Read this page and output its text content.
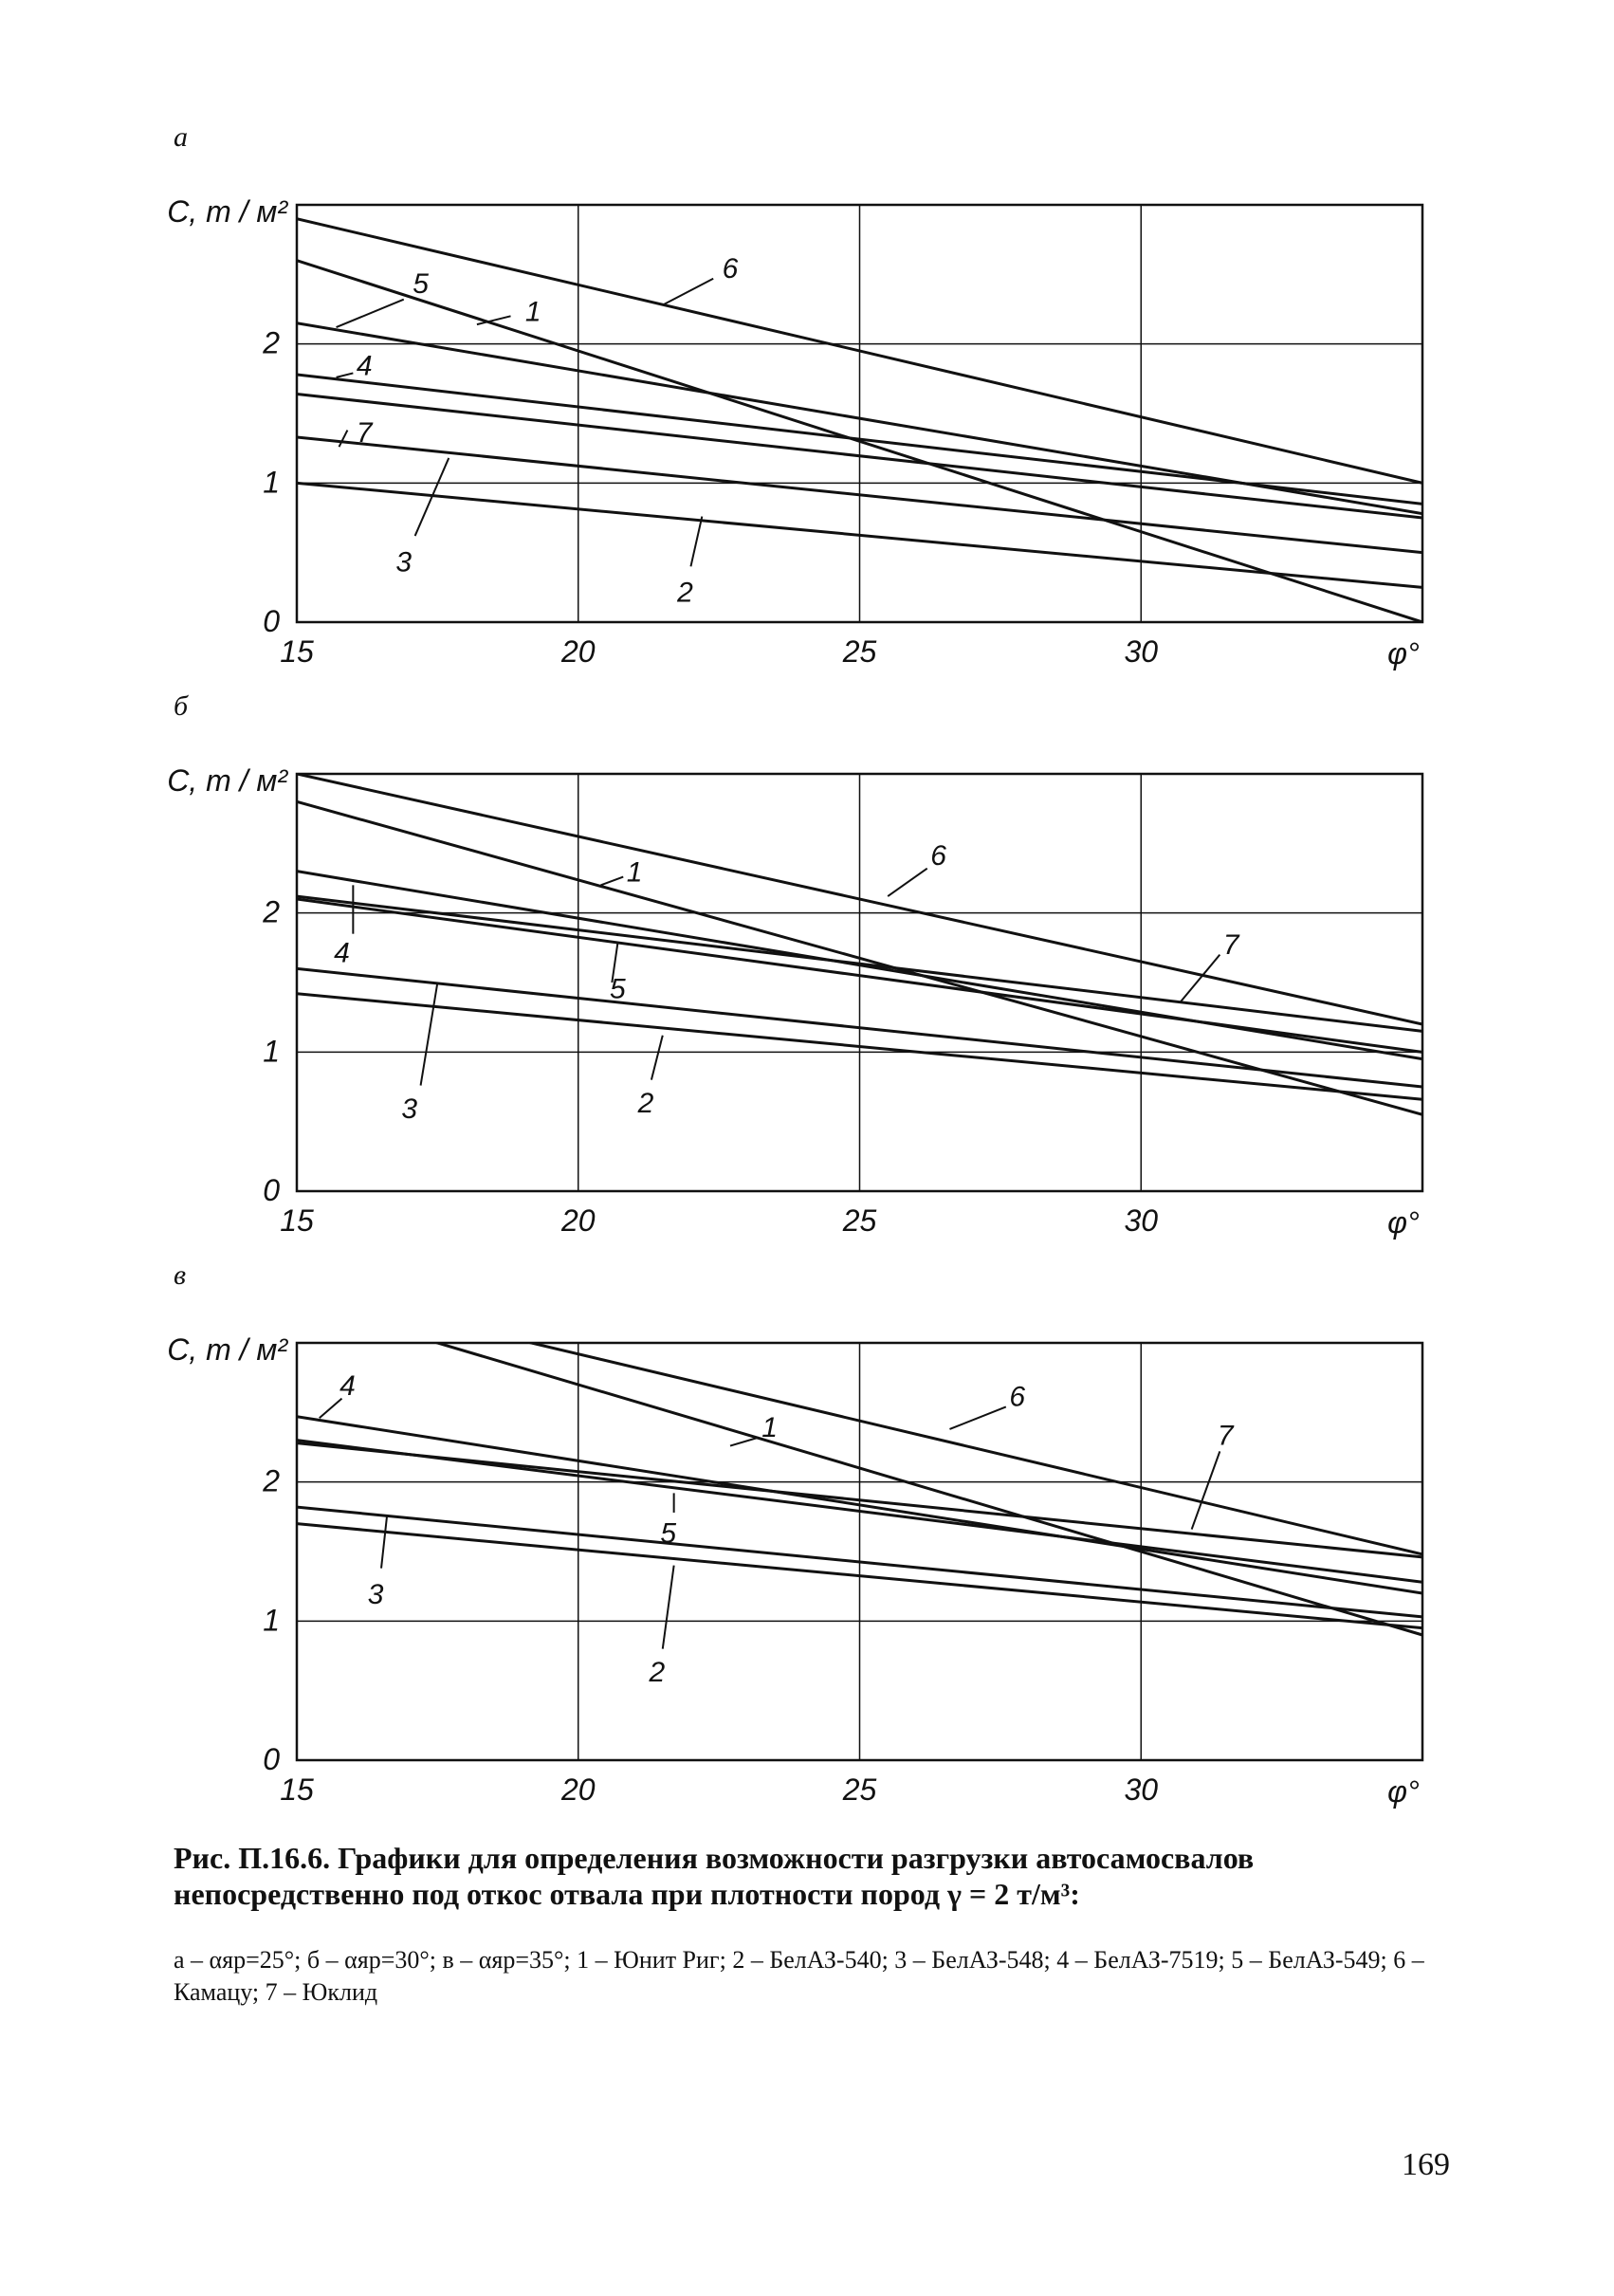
а
б
в
5
1
6
4
7
3
2
0
1
2
15	20	25	30
С, т / м²
φ°
1
6
4
5
7
3	2
0
1
2
15	20	25	30
С, т / м²
φ°
4
1
6
7
5
3
2
0
1
2
15	20	25	30
С, т / м²
φ°
Рис. П.16.6. Графики для определения возможности разгрузки автосамосвалов непосредственно под откос отвала при плотности пород γ = 2 т/м³:
а – αяр=25°; б – αяр=30°; в – αяр=35°; 1 – Юнит Риг; 2 – БелАЗ-540; 3 – БелАЗ-548; 4 – БелАЗ-7519; 5 – БелАЗ-549; 6 – Камацу; 7 – Юклид
169
